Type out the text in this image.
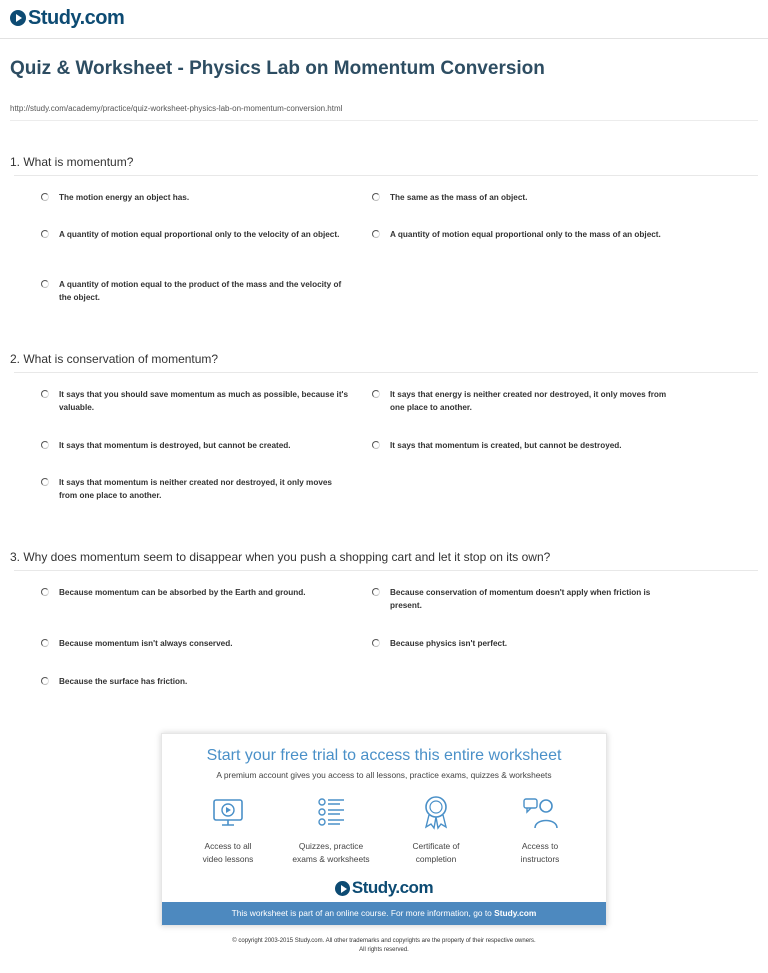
Study.com
Quiz & Worksheet - Physics Lab on Momentum Conversion
http://study.com/academy/practice/quiz-worksheet-physics-lab-on-momentum-conversion.html

1. What is momentum?

The motion energy an object has.	The same as the mass of an object.
A quantity of motion equal proportional only to the velocity of an object.	A quantity of motion equal proportional only to the mass of an object.
A quantity of motion equal to the product of the mass and the velocity of the object.

2. What is conservation of momentum?

It says that you should save momentum as much as possible, because it's valuable.
It says that energy is neither created nor destroyed, it only moves from one place to another.
It says that momentum is destroyed, but cannot be created.	It says that momentum is created, but cannot be destroyed.
It says that momentum is neither created nor destroyed, it only moves from one place to another.

3. Why does momentum seem to disappear when you push a shopping cart and let it stop on its own?

Because momentum can be absorbed by the Earth and ground.	Because conservation of momentum doesn't apply when friction is present.
Because momentum isn't always conserved.	Because physics isn't perfect.
Because the surface has friction.
Start your free trial to access this entire worksheet
A premium account gives you access to all lessons, practice exams, quizzes & worksheets
Access to all
video lessons
Quizzes, practice
exams & worksheets
Certificate of
completion
Access to
instructors
Study.com
This worksheet is part of an online course. For more information, go to Study.com
© copyright 2003-2015 Study.com. All other trademarks and copyrights are the property of their respective owners.
All rights reserved.
